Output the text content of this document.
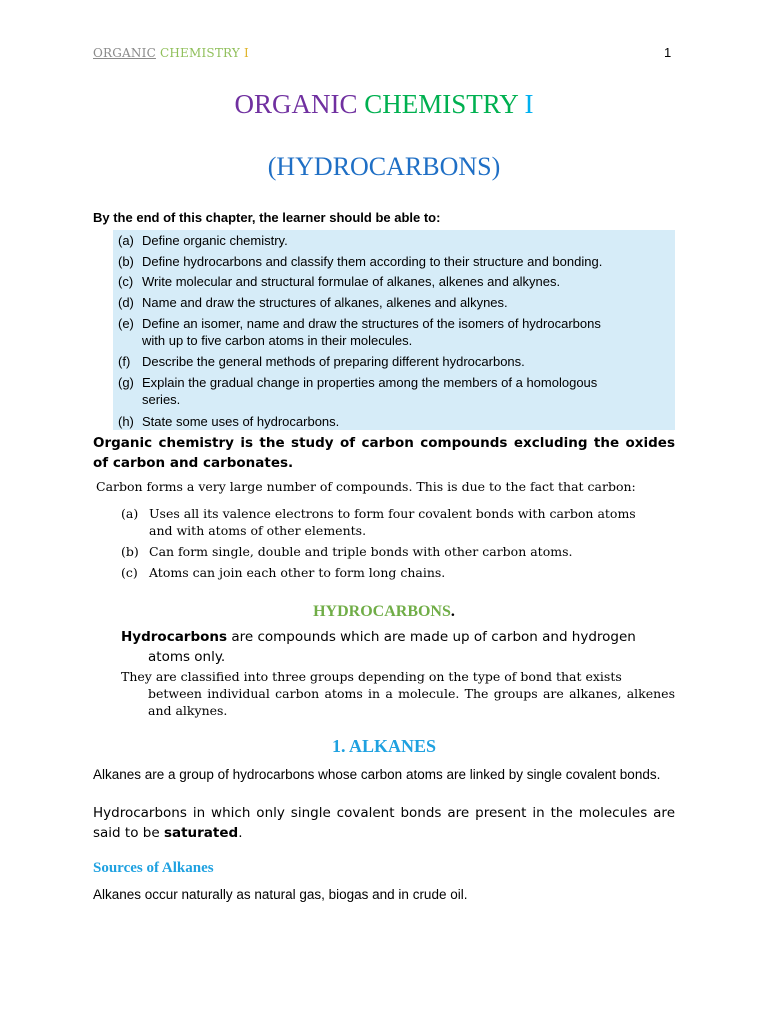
ORGANIC CHEMISTRY I	1
ORGANIC CHEMISTRY I
(HYDROCARBONS)
By the end of this chapter, the learner should be able to:
(a) Define organic chemistry.
(b) Define hydrocarbons and classify them according to their structure and bonding.
(c) Write molecular and structural formulae of alkanes, alkenes and alkynes.
(d) Name and draw the structures of alkanes, alkenes and alkynes.
(e) Define an isomer, name and draw the structures of the isomers of hydrocarbons
with up to five carbon atoms in their molecules.
(f) Describe the general methods of preparing different hydrocarbons.
(g) Explain the gradual change in properties among the members of a homologous
series.
(h) State some uses of hydrocarbons.
Organic chemistry is the study of carbon compounds excluding the oxides of carbon and carbonates.
Carbon forms a very large number of compounds. This is due to the fact that carbon:
(a) Uses all its valence electrons to form four covalent bonds with carbon atoms
and with atoms of other elements.
(b) Can form single, double and triple bonds with other carbon atoms.
(c) Atoms can join each other to form long chains.
HYDROCARBONS.
Hydrocarbons are compounds which are made up of carbon and hydrogen
atoms only.
They are classified into three groups depending on the type of bond that exists
between individual carbon atoms in a molecule. The groups are alkanes, alkenes and alkynes.
1. ALKANES
Alkanes are a group of hydrocarbons whose carbon atoms are linked by single covalent bonds.
Hydrocarbons in which only single covalent bonds are present in the molecules are said to be saturated.
Sources of Alkanes
Alkanes occur naturally as natural gas, biogas and in crude oil.
